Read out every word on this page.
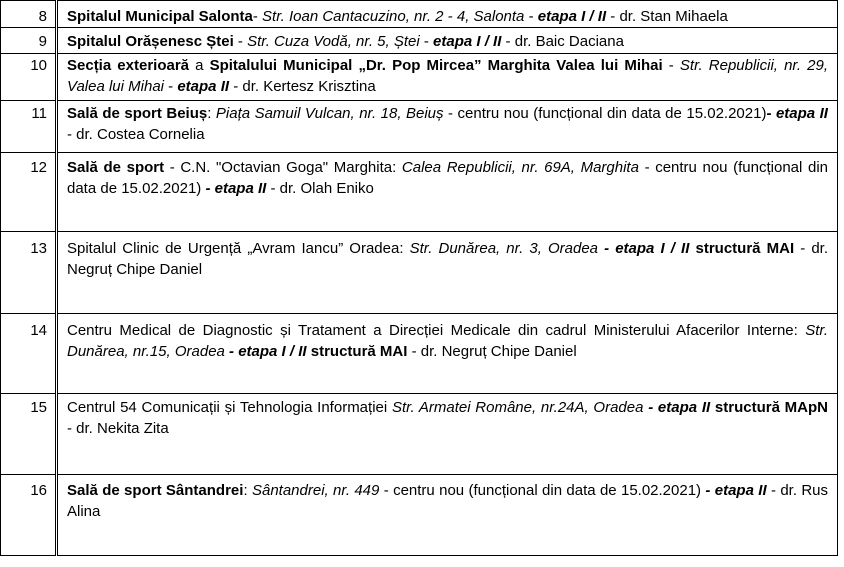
8	Spitalul Municipal Salonta- Str. Ioan Cantacuzino, nr. 2 - 4, Salonta - etapa I / II - dr. Stan Mihaela
9	Spitalul Orășenesc Ștei - Str. Cuza Vodă, nr. 5, Ștei - etapa I / II - dr. Baic Daciana
10	Secția exterioară a Spitalului Municipal „Dr. Pop Mircea” Marghita Valea lui Mihai - Str. Republicii, nr. 29, Valea lui Mihai - etapa II - dr. Kertesz Krisztina
11	Sală de sport Beiuș: Piața Samuil Vulcan, nr. 18, Beiuș - centru nou (funcțional din data de 15.02.2021)- etapa II - dr. Costea Cornelia
12	Sală de sport - C.N. "Octavian Goga" Marghita: Calea Republicii, nr. 69A, Marghita - centru nou (funcțional din data de 15.02.2021) - etapa II - dr. Olah Eniko
13	Spitalul Clinic de Urgență „Avram Iancu” Oradea: Str. Dunărea, nr. 3, Oradea - etapa I / II structură MAI - dr. Negruț Chipe Daniel
14	Centru Medical de Diagnostic și Tratament a Direcției Medicale din cadrul Ministerului Afacerilor Interne: Str. Dunărea, nr.15, Oradea - etapa I / II structură MAI - dr. Negruț Chipe Daniel
15	Centrul 54 Comunicații și Tehnologia Informației Str. Armatei Române, nr.24A, Oradea - etapa II structură MApN - dr. Nekita Zita
16	Sală de sport Sântandrei: Sântandrei, nr. 449 - centru nou (funcțional din data de 15.02.2021) - etapa II - dr. Rus Alina
